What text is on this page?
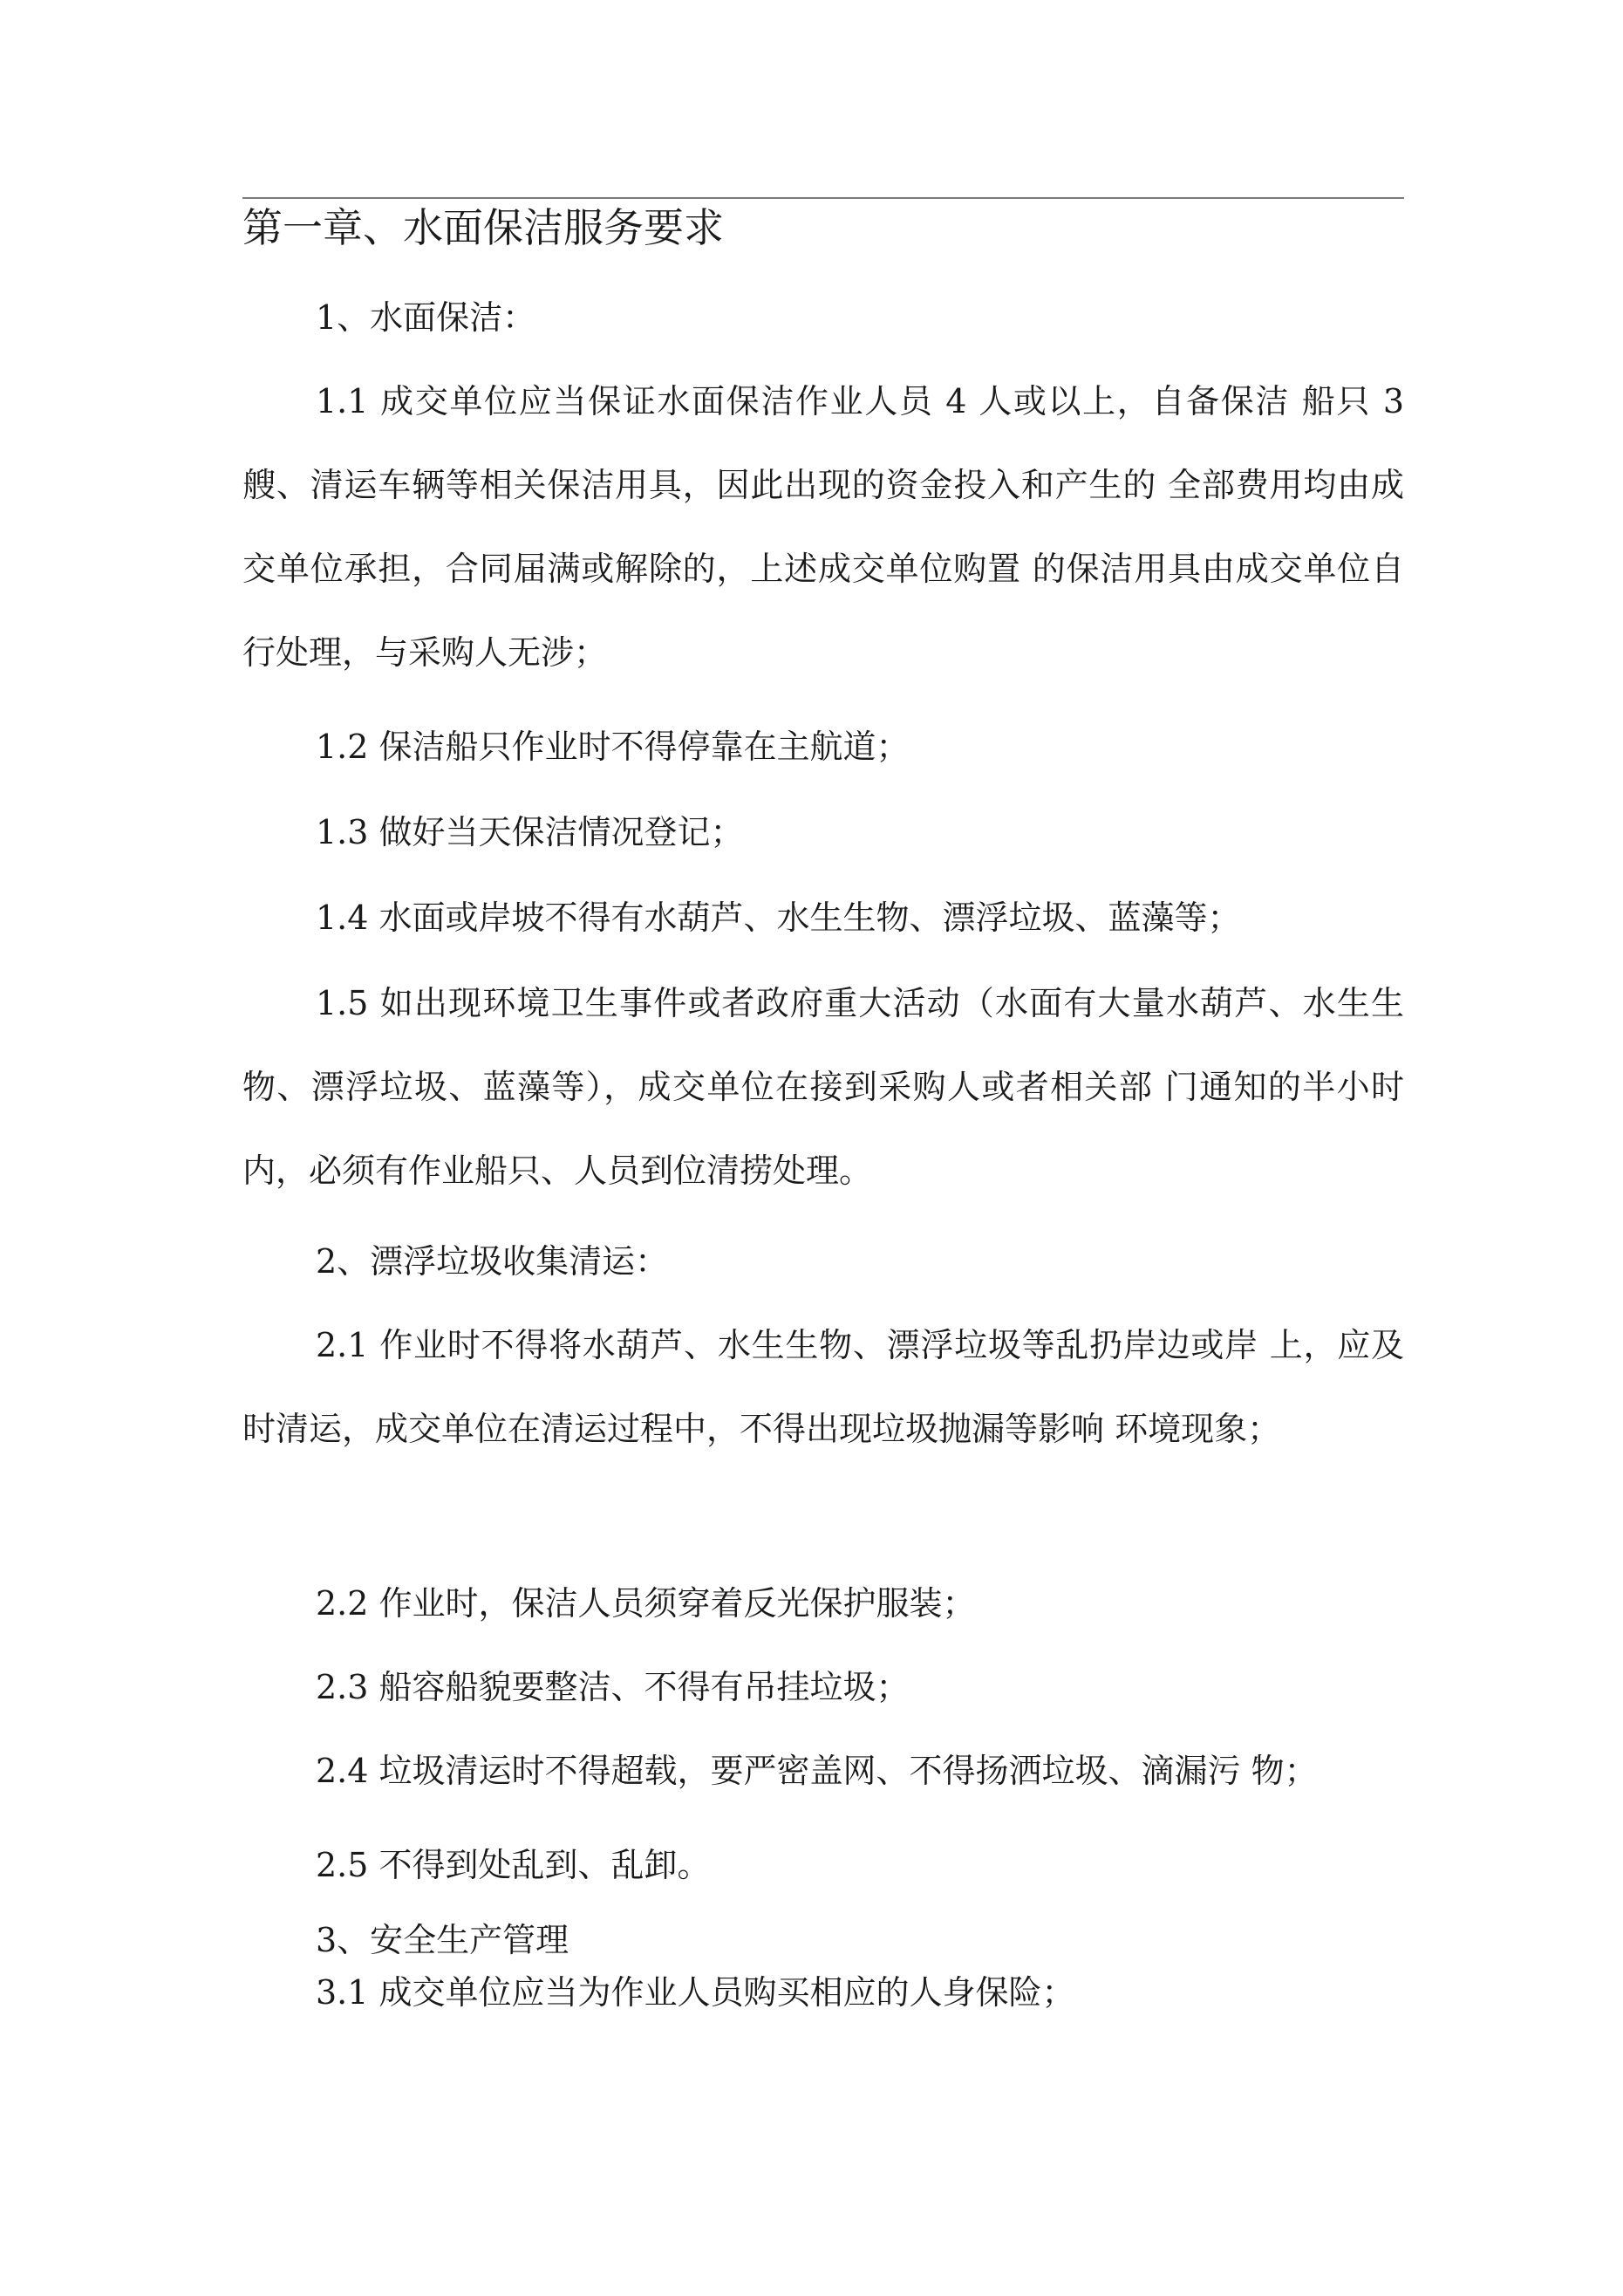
第一章、水面保洁服务要求

1、水面保洁：

1.1 成交单位应当保证水面保洁作业人员 4 人或以上，自备保洁 船只 3 艘、清运车辆等相关保洁用具，因此出现的资金投入和产生的 全部费用均由成交单位承担，合同届满或解除的，上述成交单位购置 的保洁用具由成交单位自行处理，与采购人无涉；

1.2 保洁船只作业时不得停靠在主航道；

1.3 做好当天保洁情况登记；

1.4 水面或岸坡不得有水葫芦、水生生物、漂浮垃圾、蓝藻等；

1.5 如出现环境卫生事件或者政府重大活动（水面有大量水葫芦、水生生物、漂浮垃圾、蓝藻等），成交单位在接到采购人或者相关部 门通知的半小时内，必须有作业船只、人员到位清捞处理。

2、漂浮垃圾收集清运：

2.1 作业时不得将水葫芦、水生生物、漂浮垃圾等乱扔岸边或岸 上，应及时清运，成交单位在清运过程中，不得出现垃圾抛漏等影响 环境现象；

2.2 作业时，保洁人员须穿着反光保护服装；

2.3 船容船貌要整洁、不得有吊挂垃圾；

2.4 垃圾清运时不得超载，要严密盖网、不得扬洒垃圾、滴漏污 物；

2.5 不得到处乱到、乱卸。

3、安全生产管理

3.1 成交单位应当为作业人员购买相应的人身保险；
